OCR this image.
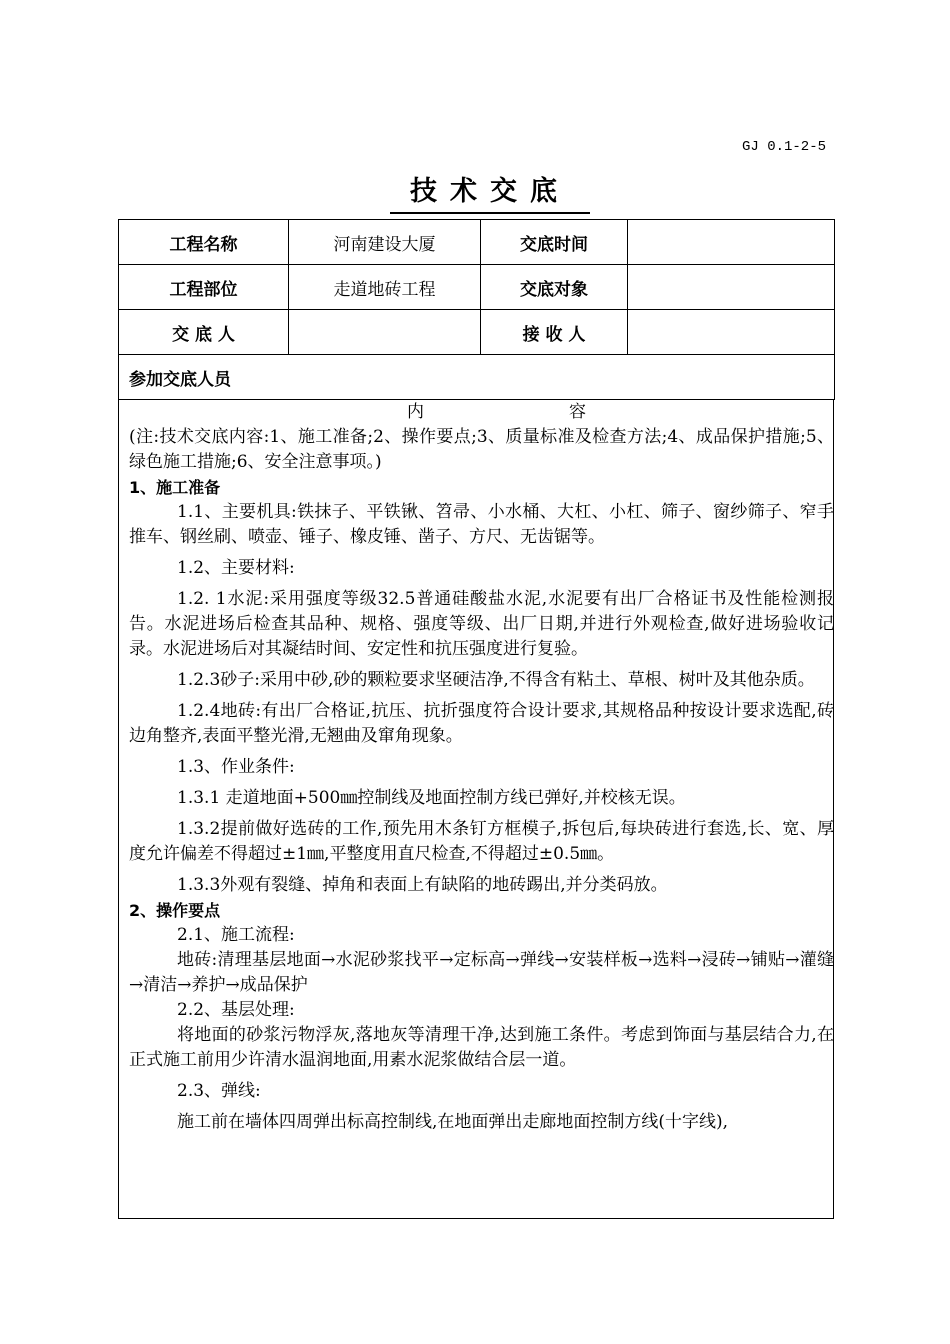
GJ 0.1-2-5
技术交底
工程名称	河南建设大厦	交底时间	
工程部位	走道地砖工程	交底对象	
交 底 人		接 收 人	
参加交底人员			
内	容

(注:技术交底内容:1、施工准备;2、操作要点;3、质量标准及检查方法;4、成品保护措施;5、绿色施工措施;6、安全注意事项。)

1、施工准备

1.1、主要机具:铁抹子、平铁锹、笤帚、小水桶、大杠、小杠、筛子、窗纱筛子、窄手推车、钢丝刷、喷壶、锤子、橡皮锤、凿子、方尺、无齿锯等。

1.2、主要材料:

1.2. 1水泥:采用强度等级32.5普通硅酸盐水泥,水泥要有出厂合格证书及性能检测报告。水泥进场后检查其品种、规格、强度等级、出厂日期,并进行外观检查,做好进场验收记录。水泥进场后对其凝结时间、安定性和抗压强度进行复验。

1.2.3砂子:采用中砂,砂的颗粒要求坚硬洁净,不得含有粘土、草根、树叶及其他杂质。

1.2.4地砖:有出厂合格证,抗压、抗折强度符合设计要求,其规格品种按设计要求选配,砖边角整齐,表面平整光滑,无翘曲及窜角现象。

1.3、作业条件:

1.3.1 走道地面+500㎜控制线及地面控制方线已弹好,并校核无误。

1.3.2提前做好选砖的工作,预先用木条钉方框模子,拆包后,每块砖进行套选,长、宽、厚度允许偏差不得超过±1㎜,平整度用直尺检查,不得超过±0.5㎜。

1.3.3外观有裂缝、掉角和表面上有缺陷的地砖踢出,并分类码放。

2、操作要点

2.1、施工流程:

地砖:清理基层地面→水泥砂浆找平→定标高→弹线→安装样板→选料→浸砖→铺贴→灌缝→清洁→养护→成品保护

2.2、基层处理:

将地面的砂浆污物浮灰,落地灰等清理干净,达到施工条件。考虑到饰面与基层结合力,在正式施工前用少许清水温润地面,用素水泥浆做结合层一道。

2.3、弹线:

施工前在墙体四周弹出标高控制线,在地面弹出走廊地面控制方线(十字线),
